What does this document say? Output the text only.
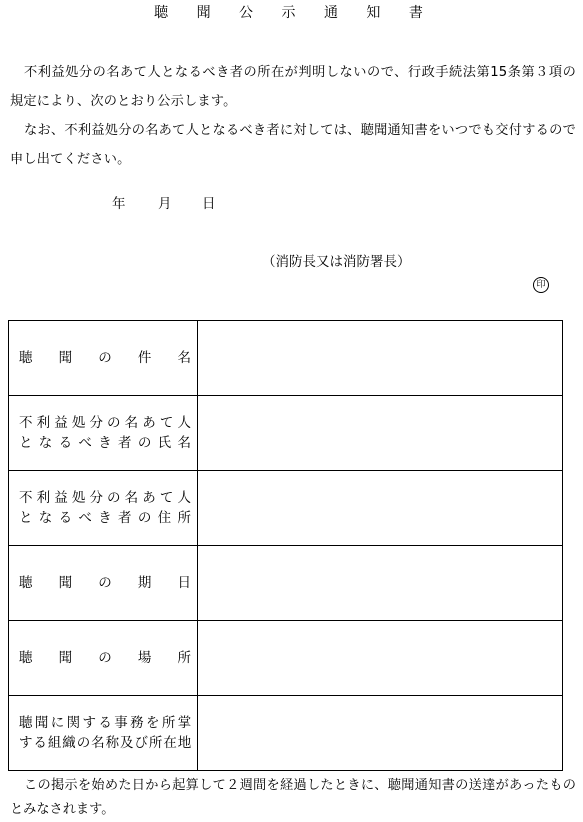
聴 聞 公 示 通 知 書
不利益処分の名あて人となるべき者の所在が判明しないので、行政手続法第15条第３項の規定により、次のとおり公示します。
なお、不利益処分の名あて人となるべき者に対しては、聴聞通知書をいつでも交付するので申し出てください。
年	月	日
（消防長又は消防署長）
印
聴　聞　の　件　名	

不利益処分の名あて人
となるべき者の氏名	

不利益処分の名あて人
となるべき者の住所	

聴　聞　の　期　日	

聴　聞　の　場　所	

聴聞に関する事務を所掌
する組織の名称及び所在地	

この掲示を始めた日から起算して２週間を経過したときに、聴聞通知書の送達があったものとみなされます。
